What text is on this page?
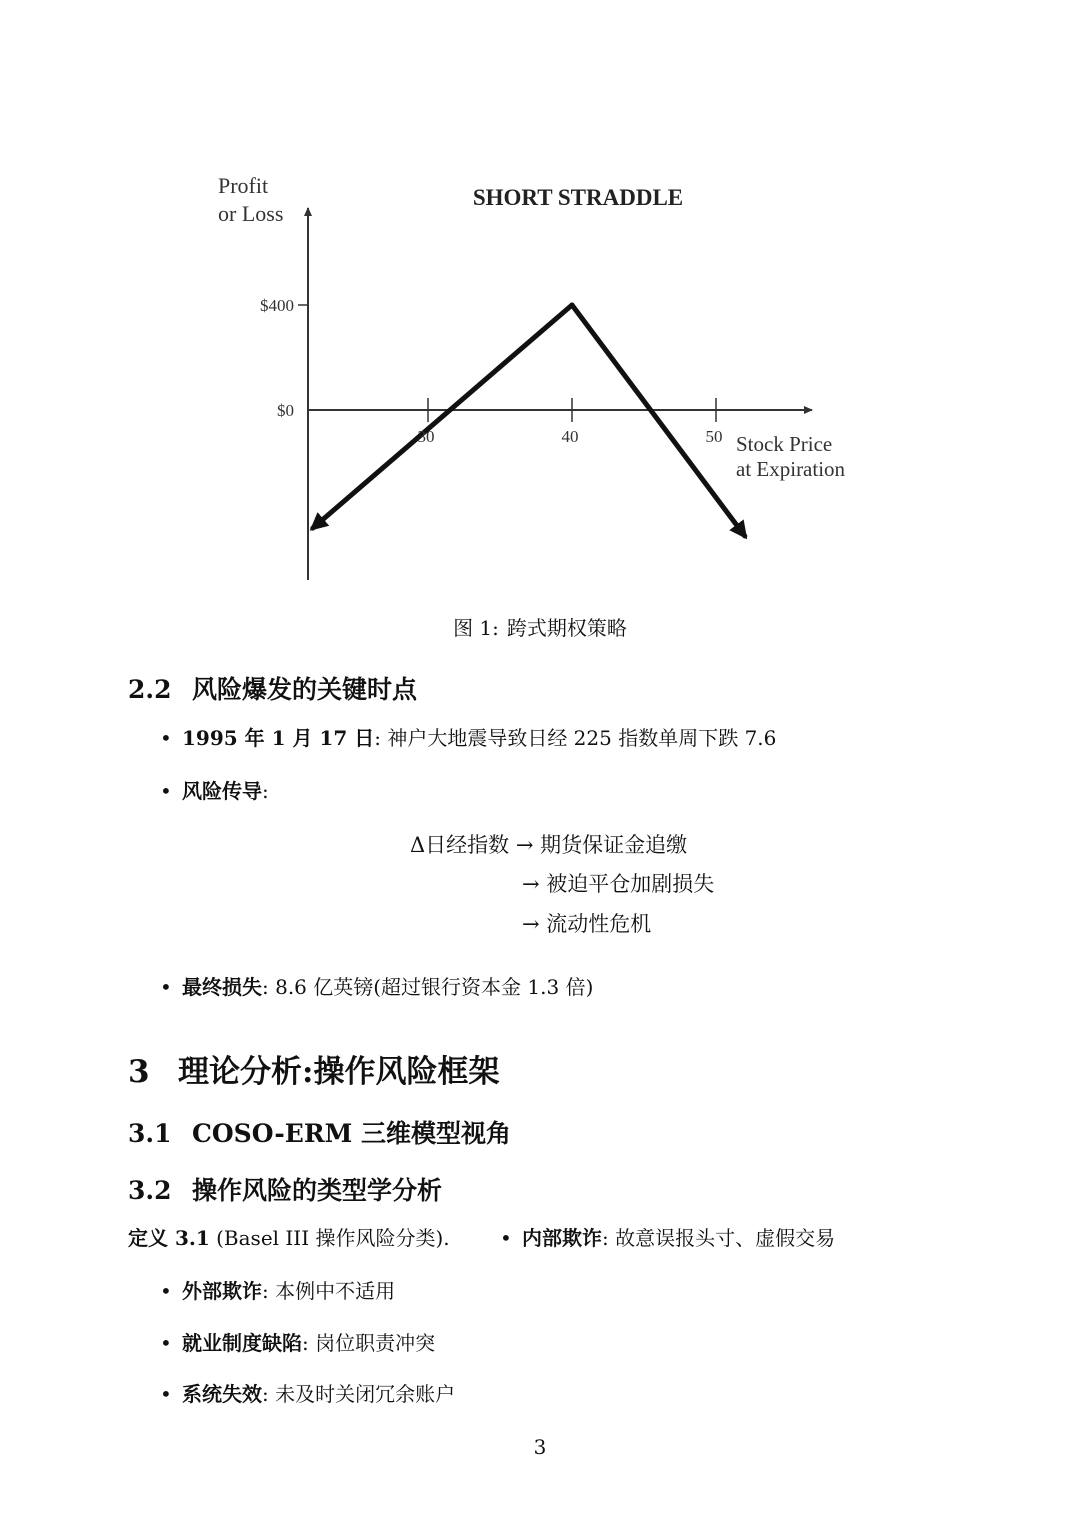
$400
$0
30	40	50
SHORT STRADDLE
Profit
or Loss
Stock Price
at Expiration
图 1: 跨式期权策略
2.2 风险爆发的关键时点
• 1995 年 1 月 17 日: 神户大地震导致日经 225 指数单周下跌 7.6
• 风险传导:
Δ日经指数 → 期货保证金追缴
→ 被迫平仓加剧损失
→ 流动性危机
• 最终损失: 8.6 亿英镑(超过银行资本金 1.3 倍)
3 理论分析:操作风险框架
3.1 COSO-ERM 三维模型视角
3.2 操作风险的类型学分析
定义 3.1 (Basel III 操作风险分类).	• 内部欺诈: 故意误报头寸、虚假交易
• 外部欺诈: 本例中不适用
• 就业制度缺陷: 岗位职责冲突
• 系统失效: 未及时关闭冗余账户
3
